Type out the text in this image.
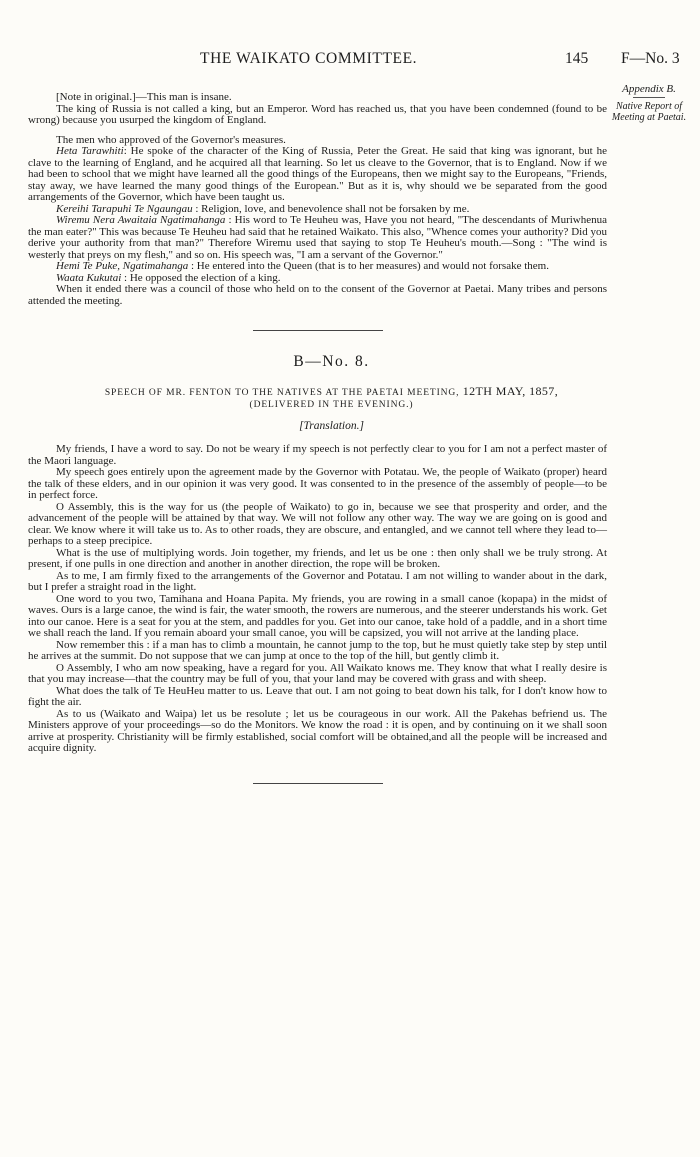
THE WAIKATO COMMITTEE.	145 F—No. 3
Appendix B.
Native Report of
Meeting at Paetai.

[Note in original.]—This man is insane.

The king of Russia is not called a king, but an Emperor. Word has reached us, that you have been condemned (found to be wrong) because you usurped the kingdom of England.

The men who approved of the Governor's measures.

Heta Tarawhiti: He spoke of the character of the King of Russia, Peter the Great. He said that king was ignorant, but he clave to the learning of England, and he acquired all that learning. So let us cleave to the Governor, that is to England. Now if we had been to school that we might have learned all the good things of the Europeans, then we might say to the Europeans, "Friends, stay away, we have learned the many good things of the European." But as it is, why should we be separated from the good arrangements of the Governor, which have been taught us.

Kereihi Tarapuhi Te Ngaungau : Religion, love, and benevolence shall not be forsaken by me.

Wiremu Nera Awaitaia Ngatimahanga : His word to Te Heuheu was, Have you not heard, "The descendants of Muriwhenua the man eater?" This was because Te Heuheu had said that he retained Waikato. This also, "Whence comes your authority? Did you derive your authority from that man?" Therefore Wiremu used that saying to stop Te Heuheu's mouth.—Song : "The wind is westerly that preys on my flesh," and so on. His speech was, "I am a servant of the Governor."

Hemi Te Puke, Ngatimahanga : He entered into the Queen (that is to her measures) and would not forsake them.

Waata Kukutai : He opposed the election of a king.

When it ended there was a council of those who held on to the consent of the Governor at Paetai. Many tribes and persons attended the meeting.

B—No. 8.

SPEECH OF MR. FENTON TO THE NATIVES AT THE PAETAI MEETING, 12TH MAY, 1857,

(DELIVERED IN THE EVENING.)

[Translation.]

My friends, I have a word to say. Do not be weary if my speech is not perfectly clear to you for I am not a perfect master of the Maori language.

My speech goes entirely upon the agreement made by the Governor with Potatau. We, the people of Waikato (proper) heard the talk of these elders, and in our opinion it was very good. It was consented to in the presence of the assembly of people—to be in perfect force.

O Assembly, this is the way for us (the people of Waikato) to go in, because we see that prosperity and order, and the advancement of the people will be attained by that way. We will not follow any other way. The way we are going on is good and clear. We know where it will take us to. As to other roads, they are obscure, and entangled, and we cannot tell where they lead to—perhaps to a steep precipice.

What is the use of multiplying words. Join together, my friends, and let us be one : then only shall we be truly strong. At present, if one pulls in one direction and another in another direction, the rope will be broken.

As to me, I am firmly fixed to the arrangements of the Governor and Potatau. I am not willing to wander about in the dark, but I prefer a straight road in the light.

One word to you two, Tamihana and Hoana Papita. My friends, you are rowing in a small canoe (kopapa) in the midst of waves. Ours is a large canoe, the wind is fair, the water smooth, the rowers are numerous, and the steerer understands his work. Get into our canoe. Here is a seat for you at the stem, and paddles for you. Get into our canoe, take hold of a paddle, and in a short time we shall reach the land. If you remain aboard your small canoe, you will be capsized, you will not arrive at the landing place.

Now remember this : if a man has to climb a mountain, he cannot jump to the top, but he must quietly take step by step until he arrives at the summit. Do not suppose that we can jump at once to the top of the hill, but gently climb it.

O Assembly, I who am now speaking, have a regard for you. All Waikato knows me. They know that what I really desire is that you may increase—that the country may be full of you, that your land may be covered with grass and with sheep.

What does the talk of Te HeuHeu matter to us. Leave that out. I am not going to beat down his talk, for I don't know how to fight the air.

As to us (Waikato and Waipa) let us be resolute ; let us be courageous in our work. All the Pakehas befriend us. The Ministers approve of your proceedings—so do the Monitors. We know the road : it is open, and by continuing on it we shall soon arrive at prosperity. Christianity will be firmly established, social comfort will be obtained,and all the people will be increased and acquire dignity.
